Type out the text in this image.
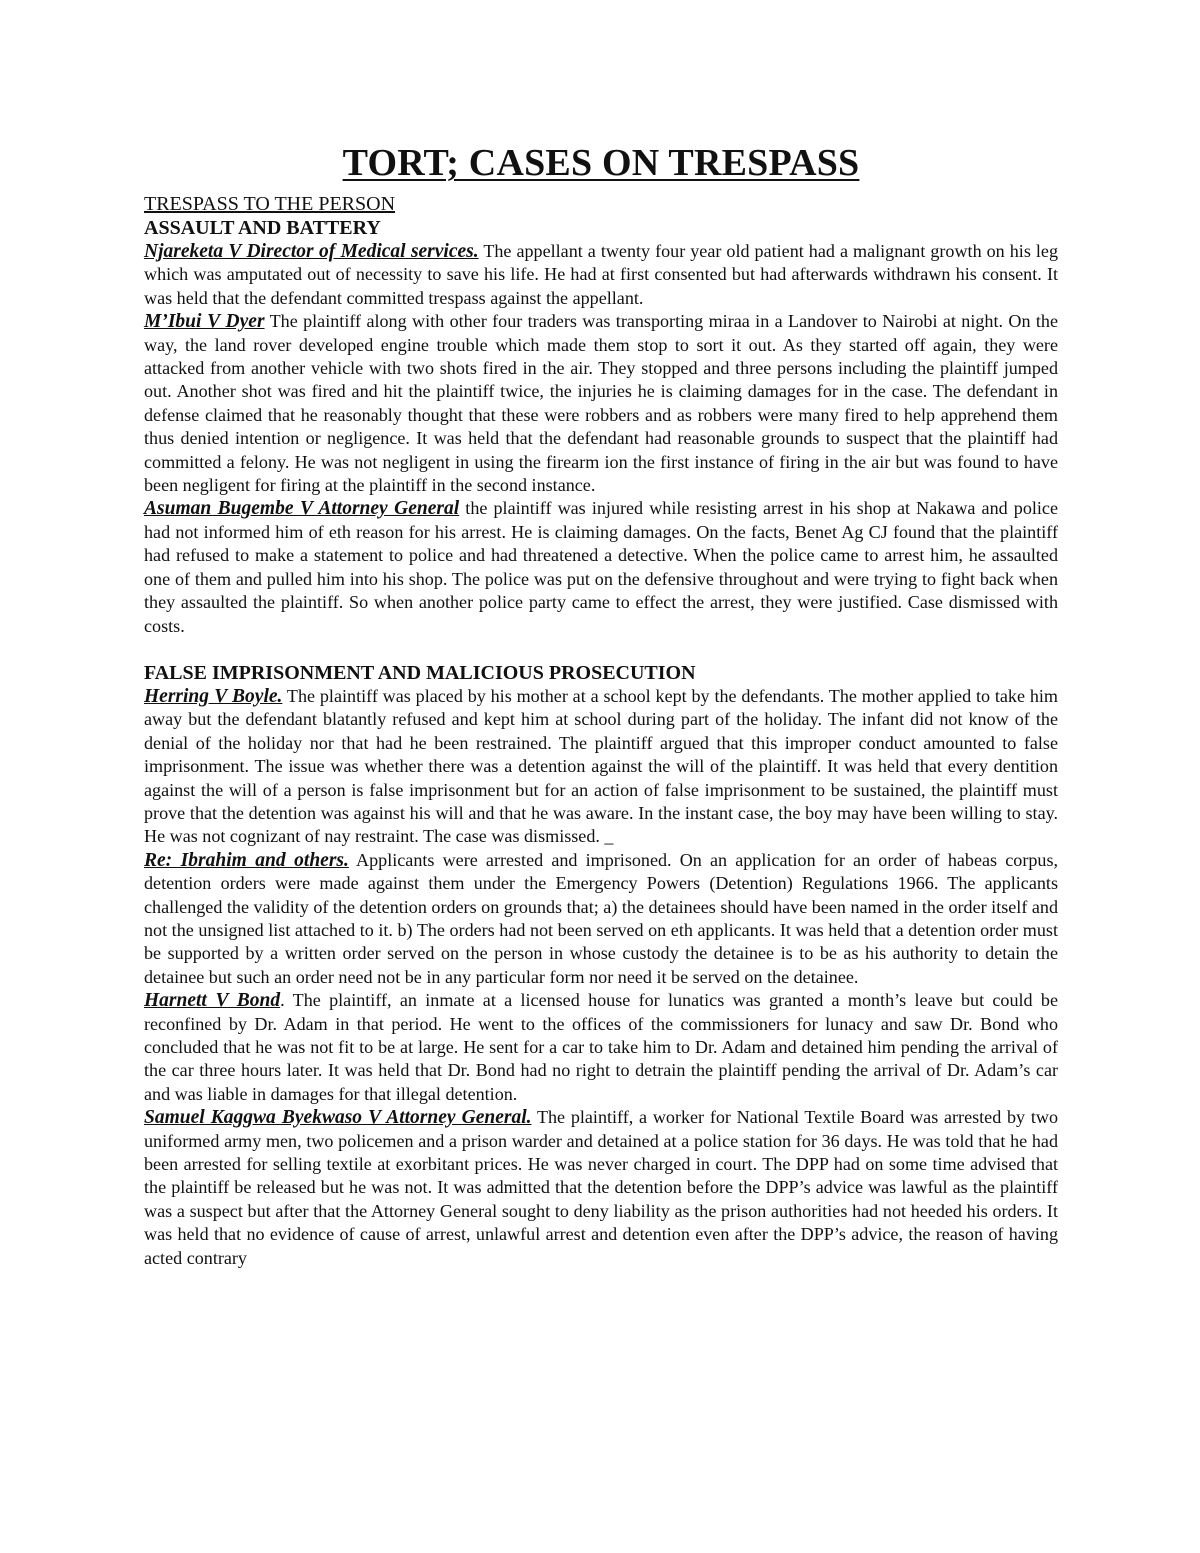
TORT; CASES ON TRESPASS

TRESPASS TO THE PERSON

ASSAULT AND BATTERY

Njareketa V Director of Medical services. The appellant a twenty four year old patient had a malignant growth on his leg which was amputated out of necessity to save his life. He had at first consented but had afterwards withdrawn his consent. It was held that the defendant committed trespass against the appellant.

M’Ibui V Dyer The plaintiff along with other four traders was transporting miraa in a Landover to Nairobi at night. On the way, the land rover developed engine trouble which made them stop to sort it out. As they started off again, they were attacked from another vehicle with two shots fired in the air. They stopped and three persons including the plaintiff jumped out. Another shot was fired and hit the plaintiff twice, the injuries he is claiming damages for in the case. The defendant in defense claimed that he reasonably thought that these were robbers and as robbers were many fired to help apprehend them thus denied intention or negligence. It was held that the defendant had reasonable grounds to suspect that the plaintiff had committed a felony. He was not negligent in using the firearm ion the first instance of firing in the air but was found to have been negligent for firing at the plaintiff in the second instance.

Asuman Bugembe V Attorney General the plaintiff was injured while resisting arrest in his shop at Nakawa and police had not informed him of eth reason for his arrest. He is claiming damages. On the facts, Benet Ag CJ found that the plaintiff had refused to make a statement to police and had threatened a detective. When the police came to arrest him, he assaulted one of them and pulled him into his shop. The police was put on the defensive throughout and were trying to fight back when they assaulted the plaintiff. So when another police party came to effect the arrest, they were justified. Case dismissed with costs.

FALSE IMPRISONMENT AND MALICIOUS PROSECUTION

Herring V Boyle. The plaintiff was placed by his mother at a school kept by the defendants. The mother applied to take him away but the defendant blatantly refused and kept him at school during part of the holiday. The infant did not know of the denial of the holiday nor that had he been restrained. The plaintiff argued that this improper conduct amounted to false imprisonment. The issue was whether there was a detention against the will of the plaintiff. It was held that every dentition against the will of a person is false imprisonment but for an action of false imprisonment to be sustained, the plaintiff must prove that the detention was against his will and that he was aware. In the instant case, the boy may have been willing to stay. He was not cognizant of nay restraint. The case was dismissed. _

Re: Ibrahim and others. Applicants were arrested and imprisoned. On an application for an order of habeas corpus, detention orders were made against them under the Emergency Powers (Detention) Regulations 1966. The applicants challenged the validity of the detention orders on grounds that; a) the detainees should have been named in the order itself and not the unsigned list attached to it. b) The orders had not been served on eth applicants. It was held that a detention order must be supported by a written order served on the person in whose custody the detainee is to be as his authority to detain the detainee but such an order need not be in any particular form nor need it be served on the detainee.

Harnett V Bond. The plaintiff, an inmate at a licensed house for lunatics was granted a month’s leave but could be reconfined by Dr. Adam in that period. He went to the offices of the commissioners for lunacy and saw Dr. Bond who concluded that he was not fit to be at large. He sent for a car to take him to Dr. Adam and detained him pending the arrival of the car three hours later. It was held that Dr. Bond had no right to detrain the plaintiff pending the arrival of Dr. Adam’s car and was liable in damages for that illegal detention.

Samuel Kaggwa Byekwaso V Attorney General. The plaintiff, a worker for National Textile Board was arrested by two uniformed army men, two policemen and a prison warder and detained at a police station for 36 days. He was told that he had been arrested for selling textile at exorbitant prices. He was never charged in court. The DPP had on some time advised that the plaintiff be released but he was not. It was admitted that the detention before the DPP’s advice was lawful as the plaintiff was a suspect but after that the Attorney General sought to deny liability as the prison authorities had not heeded his orders. It was held that no evidence of cause of arrest, unlawful arrest and detention even after the DPP’s advice, the reason of having acted contrary
